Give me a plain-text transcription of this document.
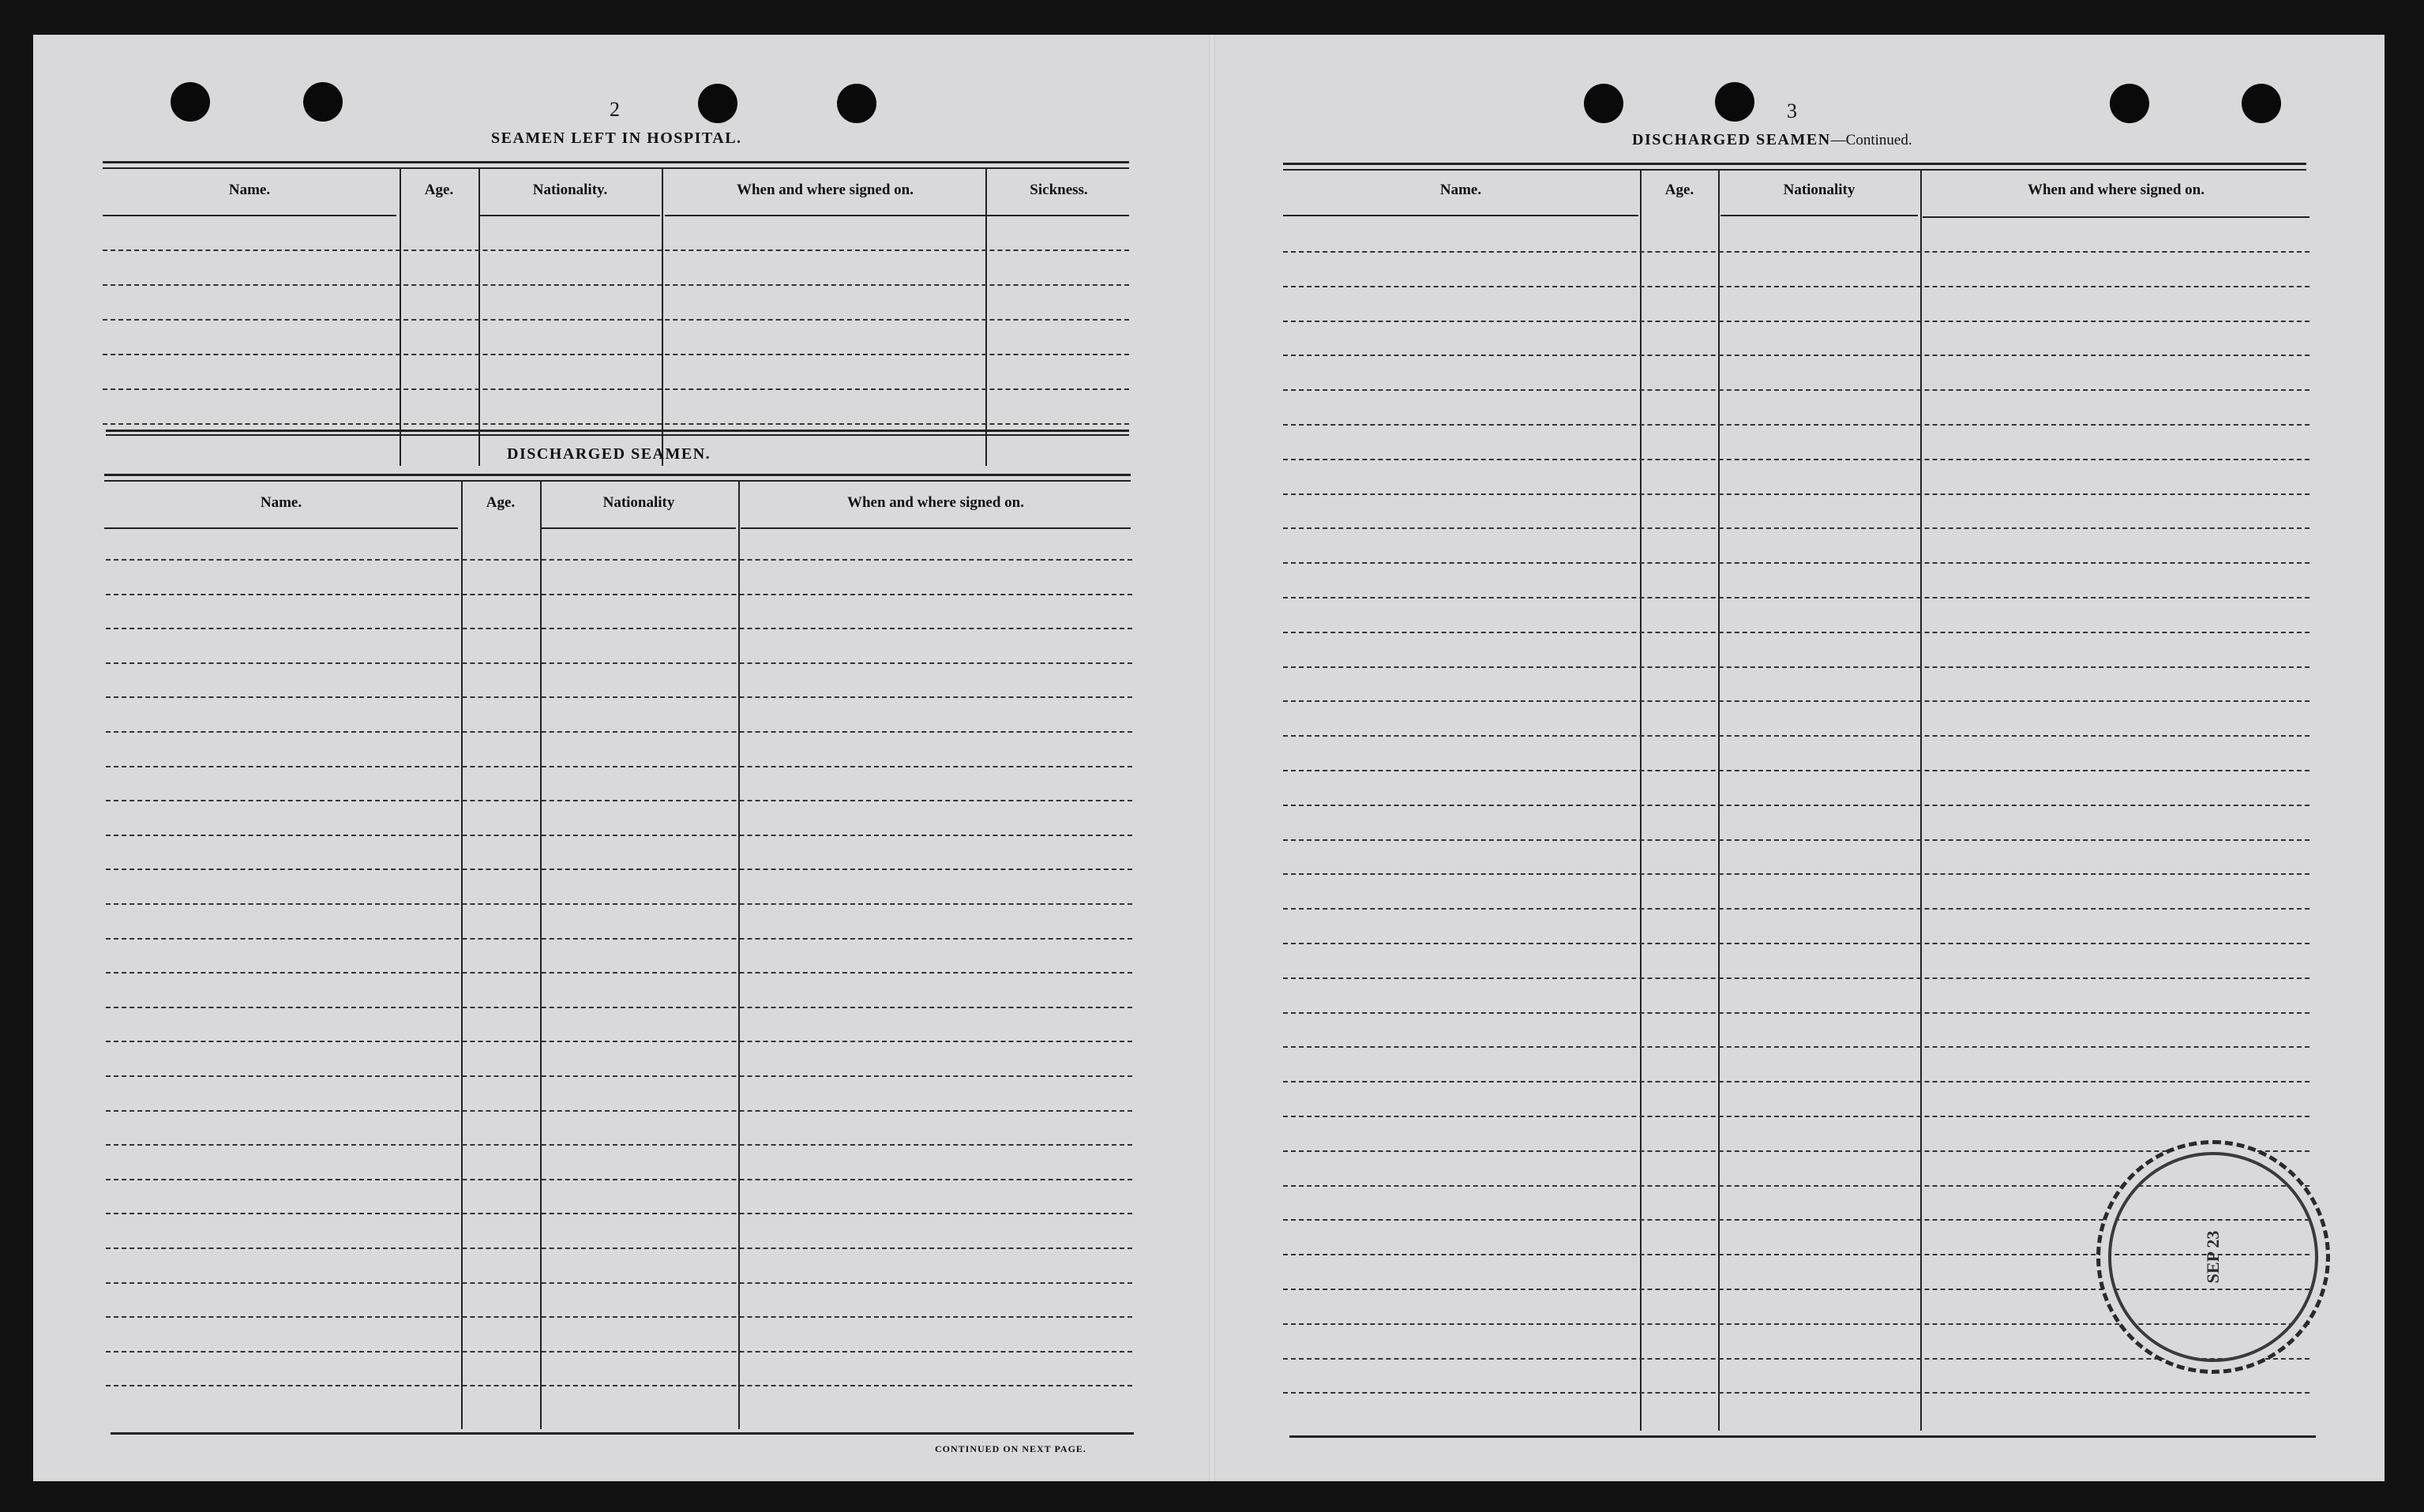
2
SEAMEN LEFT IN HOSPITAL.
Name.	Age.	Nationality.	When and where signed on.	Sickness.
DISCHARGED SEAMEN.
Name.	Age.	Nationality	When and where signed on.
CONTINUED ON NEXT PAGE.
3
DISCHARGED SEAMEN—Continued.
Name.	Age.	Nationality	When and where signed on.
SEP 23
